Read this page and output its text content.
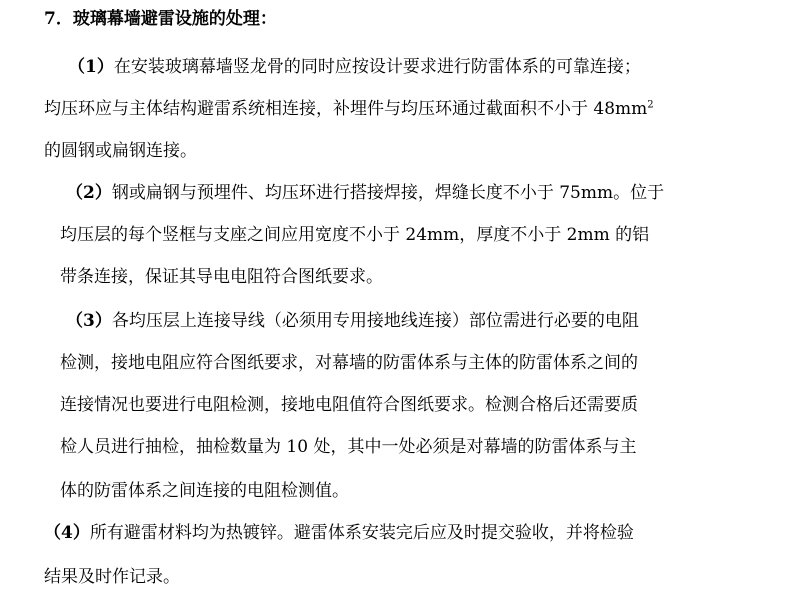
7．玻璃幕墙避雷设施的处理：
（1）在安装玻璃幕墙竖龙骨的同时应按设计要求进行防雷体系的可靠连接；
均压环应与主体结构避雷系统相连接，补埋件与均压环通过截面积不小于 $48mm^2$
的圆钢或扁钢连接。
（2）钢或扁钢与预埋件、均压环进行搭接焊接，焊缝长度不小于 75mm。位于
均压层的每个竖框与支座之间应用宽度不小于 24mm，厚度不小于 2mm 的铝
带条连接，保证其导电电阻符合图纸要求。
（3）各均压层上连接导线（必须用专用接地线连接）部位需进行必要的电阻
检测，接地电阻应符合图纸要求，对幕墙的防雷体系与主体的防雷体系之间的
连接情况也要进行电阻检测，接地电阻值符合图纸要求。检测合格后还需要质
检人员进行抽检，抽检数量为 10 处，其中一处必须是对幕墙的防雷体系与主
体的防雷体系之间连接的电阻检测值。
（4）所有避雷材料均为热镀锌。避雷体系安装完后应及时提交验收，并将检验
结果及时作记录。
